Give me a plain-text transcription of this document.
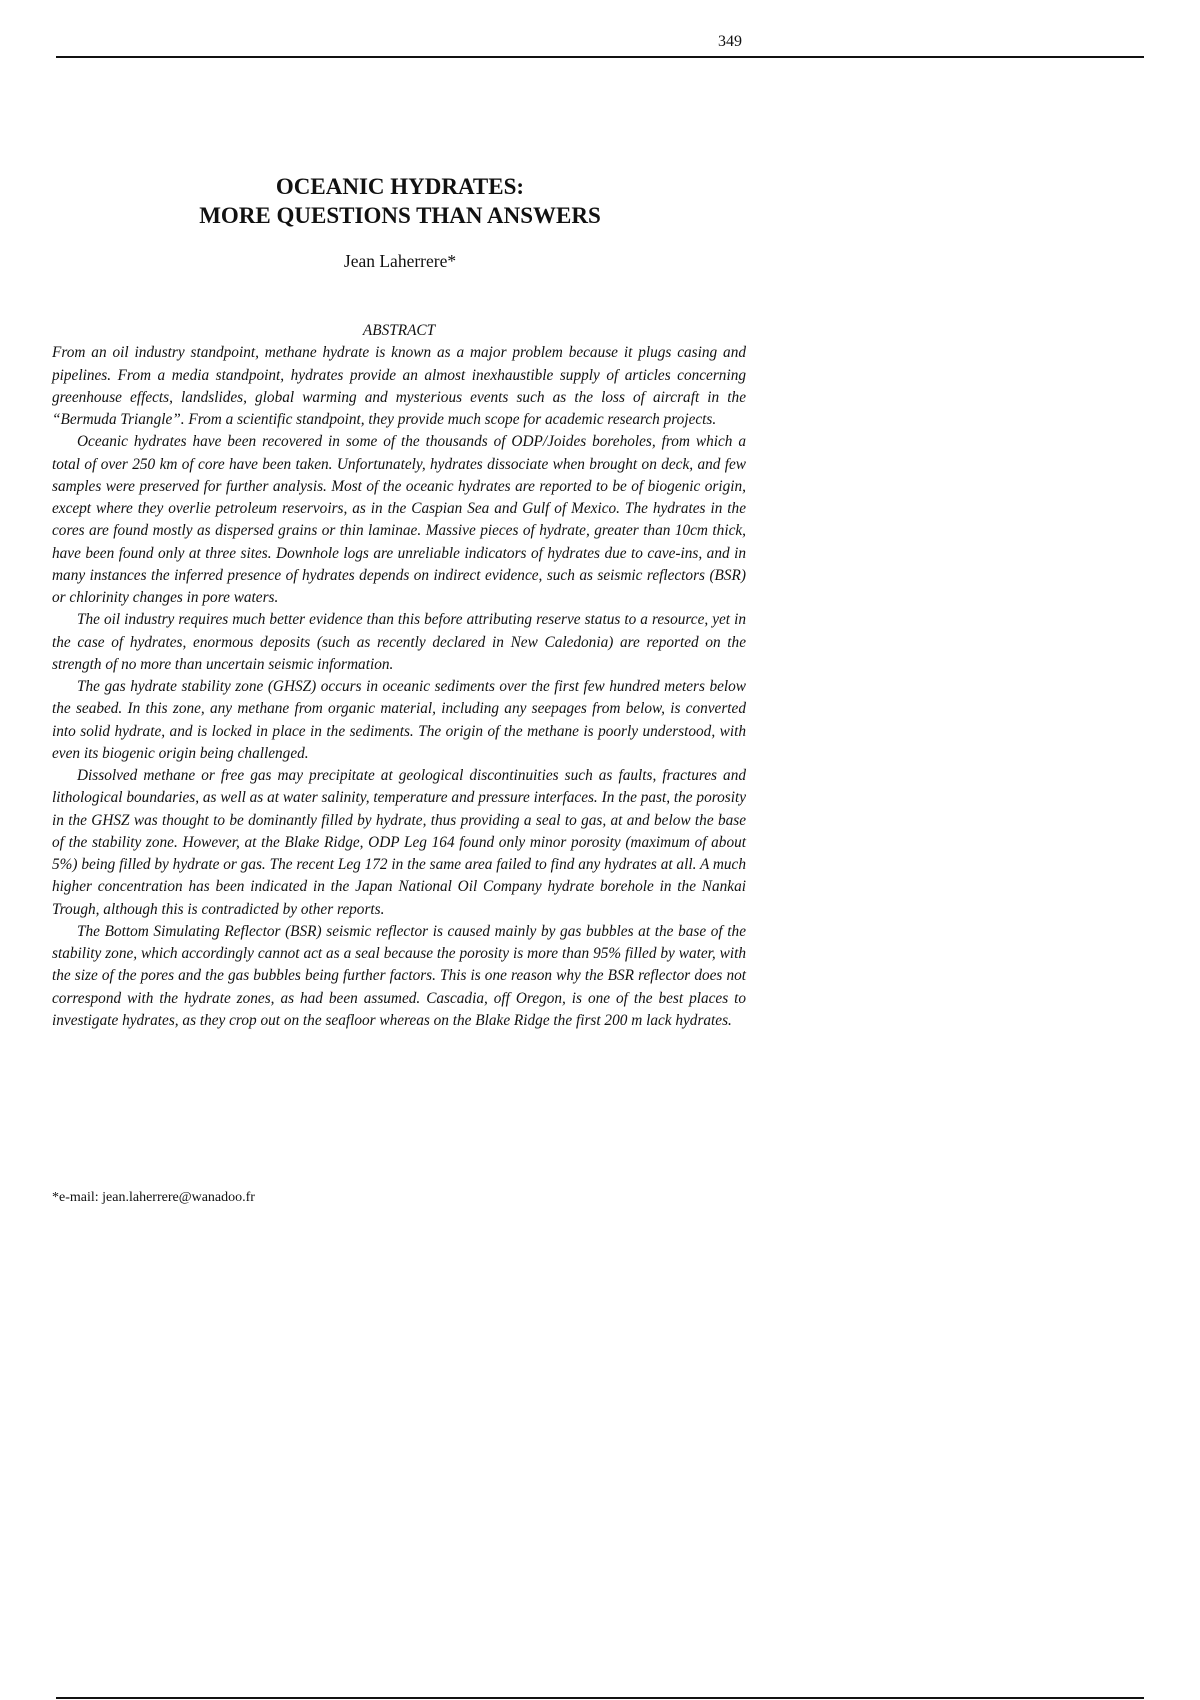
349

OCEANIC HYDRATES:

MORE QUESTIONS THAN ANSWERS

Jean Laherrere*

ABSTRACT

From an oil industry standpoint, methane hydrate is known as a major problem because it plugs casing and pipelines. From a media standpoint, hydrates provide an almost inexhaustible supply of articles concerning greenhouse effects, landslides, global warming and mysterious events such as the loss of aircraft in the “Bermuda Triangle”. From a scientific standpoint, they provide much scope for academic research projects.

Oceanic hydrates have been recovered in some of the thousands of ODP/Joides boreholes, from which a total of over 250 km of core have been taken. Unfortunately, hydrates dissociate when brought on deck, and few samples were preserved for further analysis. Most of the oceanic hydrates are reported to be of biogenic origin, except where they overlie petroleum reservoirs, as in the Caspian Sea and Gulf of Mexico. The hydrates in the cores are found mostly as dispersed grains or thin laminae. Massive pieces of hydrate, greater than 10cm thick, have been found only at three sites. Downhole logs are unreliable indicators of hydrates due to cave-ins, and in many instances the inferred presence of hydrates depends on indirect evidence, such as seismic reflectors (BSR) or chlorinity changes in pore waters.

The oil industry requires much better evidence than this before attributing reserve status to a resource, yet in the case of hydrates, enormous deposits (such as recently declared in New Caledonia) are reported on the strength of no more than uncertain seismic information.

The gas hydrate stability zone (GHSZ) occurs in oceanic sediments over the first few hundred meters below the seabed. In this zone, any methane from organic material, including any seepages from below, is converted into solid hydrate, and is locked in place in the sediments. The origin of the methane is poorly understood, with even its biogenic origin being challenged.

Dissolved methane or free gas may precipitate at geological discontinuities such as faults, fractures and lithological boundaries, as well as at water salinity, temperature and pressure interfaces. In the past, the porosity in the GHSZ was thought to be dominantly filled by hydrate, thus providing a seal to gas, at and below the base of the stability zone. However, at the Blake Ridge, ODP Leg 164 found only minor porosity (maximum of about 5%) being filled by hydrate or gas. The recent Leg 172 in the same area failed to find any hydrates at all. A much higher concentration has been indicated in the Japan National Oil Company hydrate borehole in the Nankai Trough, although this is contradicted by other reports.

The Bottom Simulating Reflector (BSR) seismic reflector is caused mainly by gas bubbles at the base of the stability zone, which accordingly cannot act as a seal because the porosity is more than 95% filled by water, with the size of the pores and the gas bubbles being further factors. This is one reason why the BSR reflector does not correspond with the hydrate zones, as had been assumed. Cascadia, off Oregon, is one of the best places to investigate hydrates, as they crop out on the seafloor whereas on the Blake Ridge the first 200 m lack hydrates.

*e-mail: jean.laherrere@wanadoo.fr
